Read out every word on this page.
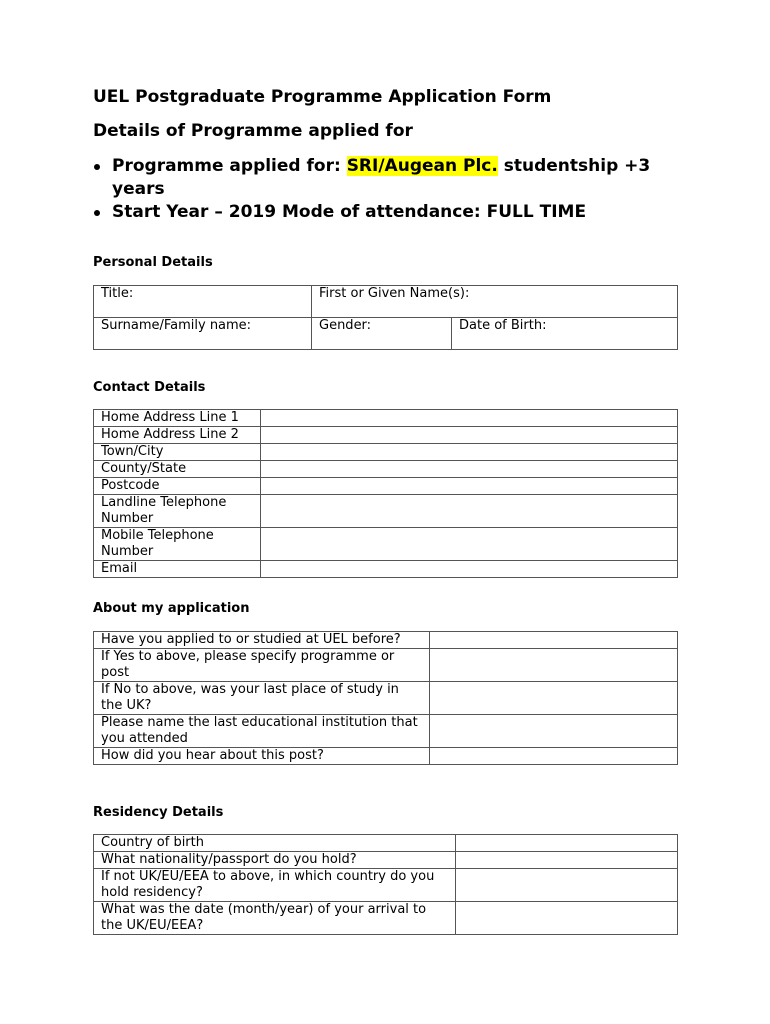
UEL Postgraduate Programme Application Form
Details of Programme applied for
Programme applied for: SRI/Augean Plc. studentship +3 years
Start Year – 2019 Mode of attendance: FULL TIME
Personal Details
Title:	First or Given Name(s):	
Surname/Family name:	Gender:	Date of Birth:
Contact Details
Home Address Line 1	
Home Address Line 2	
Town/City	
County/State	
Postcode	
Landline Telephone Number	
Mobile Telephone Number	
Email	
About my application
Have you applied to or studied at UEL before?	
If Yes to above, please specify programme or post	
If No to above, was your last place of study in the UK?	
Please name the last educational institution that you attended	
How did you hear about this post?	
Residency Details
Country of birth	
What nationality/passport do you hold?	
If not UK/EU/EEA to above, in which country do you hold residency?	
What was the date (month/year) of your arrival to the UK/EU/EEA?	
